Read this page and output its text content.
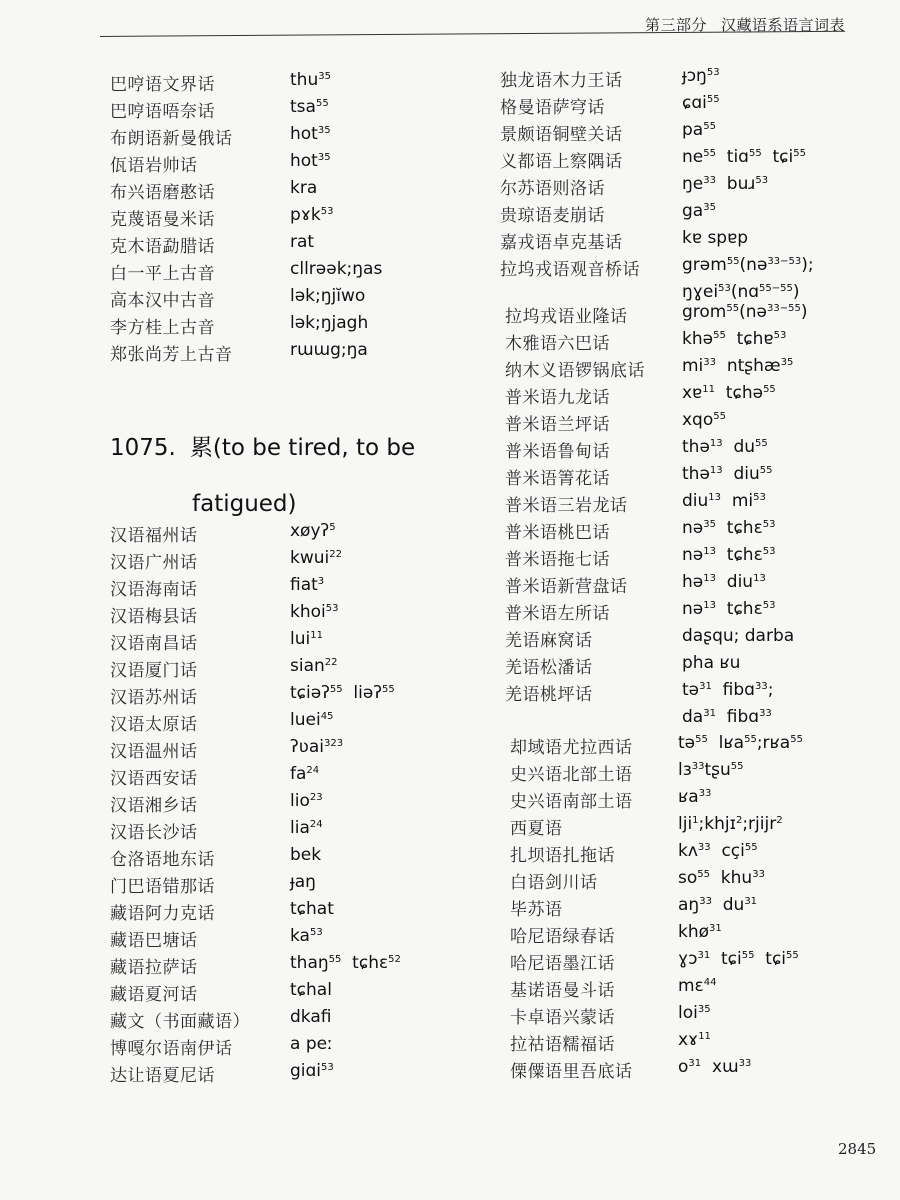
第三部分 汉藏语系语言词表
巴哼语文界话	thu$^{35}$
巴哼语唔奈话	tsa$^{55}$
布朗语新曼俄话	hot$^{35}$
佤语岩帅话	hot$^{35}$
布兴语磨憨话	kra
克蔑语曼米话	pɤk$^{53}$
克木语勐腊话	rat
白一平上古音	cllrəək;ŋas
高本汉中古音	lək;ŋjĭwo
李方桂上古音	lək;ŋjagh
郑张尚芳上古音	rɯɯg;ŋa
1075. 累(to be tired, to be
fatigued)
汉语福州话	xøyʔ$^5$
汉语广州话	kwui$^{22}$
汉语海南话	fiat$^3$
汉语梅县话	khoi$^{53}$
汉语南昌话	lui$^{11}$
汉语厦门话	sian$^{22}$
汉语苏州话	tɕiəʔ$^{55}$  liəʔ$^{55}$
汉语太原话	luei$^{45}$
汉语温州话	ʔʋai$^{323}$
汉语西安话	$fa^{24}$
汉语湘乡话	lio$^{23}$
汉语长沙话	lia$^{24}$
仓洛语地东话	bek
门巴语错那话	ɟaŋ
藏语阿力克话	tɕhat
藏语巴塘话	$ka^{53}$
藏语拉萨话	thaŋ$^{55}$  tɕhɛ$^{52}$
藏语夏河话	tɕhal
藏文（书面藏语） dkafi
博嘎尔语南伊话	a peː
达让语夏尼话	giɑi$^{53}$
独龙语木力王话	ɟɔŋ$^{53}$
格曼语萨穹话	ɕɑi$^{55}$
景颇语铜壁关话	$pa^{55}$
义都语上察隅话	$ne^{55}$  tiɑ$^{55}$  tɕi$^{55}$
尔苏语则洛话	$ŋe^{33}$  buɹ$^{53}$
贵琼语麦崩话	$ga^{35}$
嘉戎语卓克基话	kɐ spɐp
拉坞戎语观音桥话 grəm$^{55}$(nə$^{33-53}$);
ŋɣei$^{53}$(nɑ$^{55-55}$)
拉坞戎语业隆话	grom$^{55}$(nə$^{33-55}$)
木雅语六巴话	khə$^{55}$  tɕhɐ$^{53}$
纳木义语锣锅底话 $mi^{33}$  ntʂhæ$^{35}$
普米语九龙话	xɐ$^{11}$  tɕhə$^{55}$
普米语兰坪话	xqo$^{55}$
普米语鲁甸话	thə$^{13}$  $du^{55}$
普米语箐花话	thə$^{13}$  diu$^{55}$
普米语三岩龙话	diu$^{13}$  $mi^{53}$
普米语桃巴话	nə$^{35}$  tɕhɛ$^{53}$
普米语拖七话	nə$^{13}$  tɕhɛ$^{53}$
普米语新营盘话	hə$^{13}$  diu$^{13}$
普米语左所话	nə$^{13}$  tɕhɛ$^{53}$
羌语麻窝话	daʂqu; darba
羌语松潘话	pha ʁu
羌语桃坪话	tə$^{31}$  fibɑ$^{33}$;
$da^{31}$  fibɑ$^{33}$
却域语尤拉西话	tə$^{55}$  lʁa$^{55}$;rʁa$^{55}$
史兴语北部土语	lɜ$^{33}$tʂu$^{55}$
史兴语南部土语	ʁa$^{33}$
西夏语	lji$^1$;khjɪ$^2$;rjijr$^2$
扎坝语扎拖话	kʌ$^{33}$  cçi$^{55}$
白语剑川话	$so^{55}$  khu$^{33}$
毕苏语	$aŋ^{33}$  $du^{31}$
哈尼语绿春话	khø$^{31}$
哈尼语墨江话	ɣɔ$^{31}$  tɕi$^{55}$  tɕi$^{55}$
基诺语曼斗话	mɛ$^{44}$
卡卓语兴蒙话	loi$^{35}$
拉祜语糯福话	xɤ$^{11}$
傈僳语里吾底话	$o^{31}$  xɯ$^{33}$
2845
